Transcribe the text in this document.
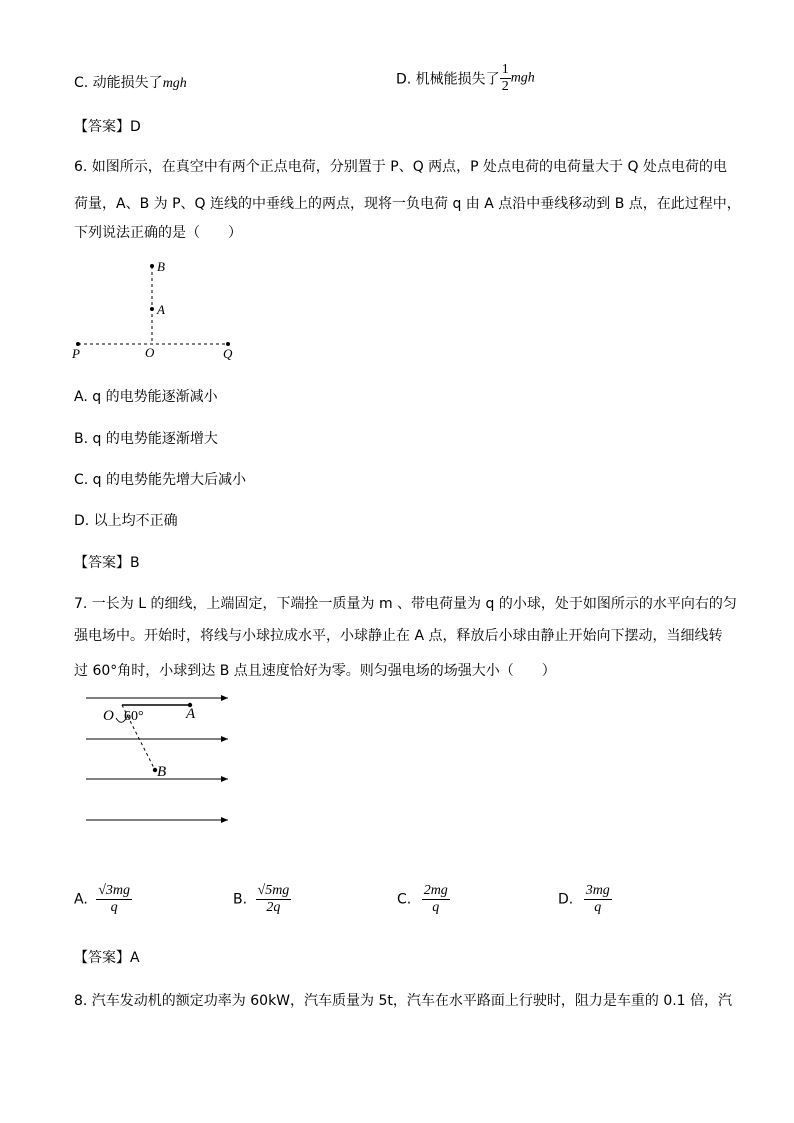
C. 动能损失了mgh	D. 机械能损失了 $\frac{1}{2}$ mgh
【答案】D
6. 如图所示，在真空中有两个正点电荷，分别置于 P、Q 两点，P 处点电荷的电荷量大于 Q 处点电荷的电
荷量，A、B 为 P、Q 连线的中垂线上的两点，现将一负电荷 q 由 A 点沿中垂线移动到 B 点，在此过程中，
下列说法正确的是（　　）
B
A
P	O	Q
A. q 的电势能逐渐减小
B. q 的电势能逐渐增大
C. q 的电势能先增大后减小
D. 以上均不正确
【答案】B
7. 一长为 L 的细线，上端固定，下端拴一质量为 m 、带电荷量为 q 的小球，处于如图所示的水平向右的匀
强电场中。开始时，将线与小球拉成水平，小球静止在 A 点，释放后小球由静止开始向下摆动，当细线转
过 60°角时，小球到达 B 点且速度恰好为零。则匀强电场的场强大小（　　）
O 60°	A
B
A. $\frac{√3mg}{q}$	B. $\frac{√5mg}{2q}$	C. $\frac{2mg}{q}$	D. $\frac{3mg}{q}$
【答案】A
8. 汽车发动机的额定功率为 60kW，汽车质量为 5t，汽车在水平路面上行驶时，阻力是车重的 0.1 倍，汽
